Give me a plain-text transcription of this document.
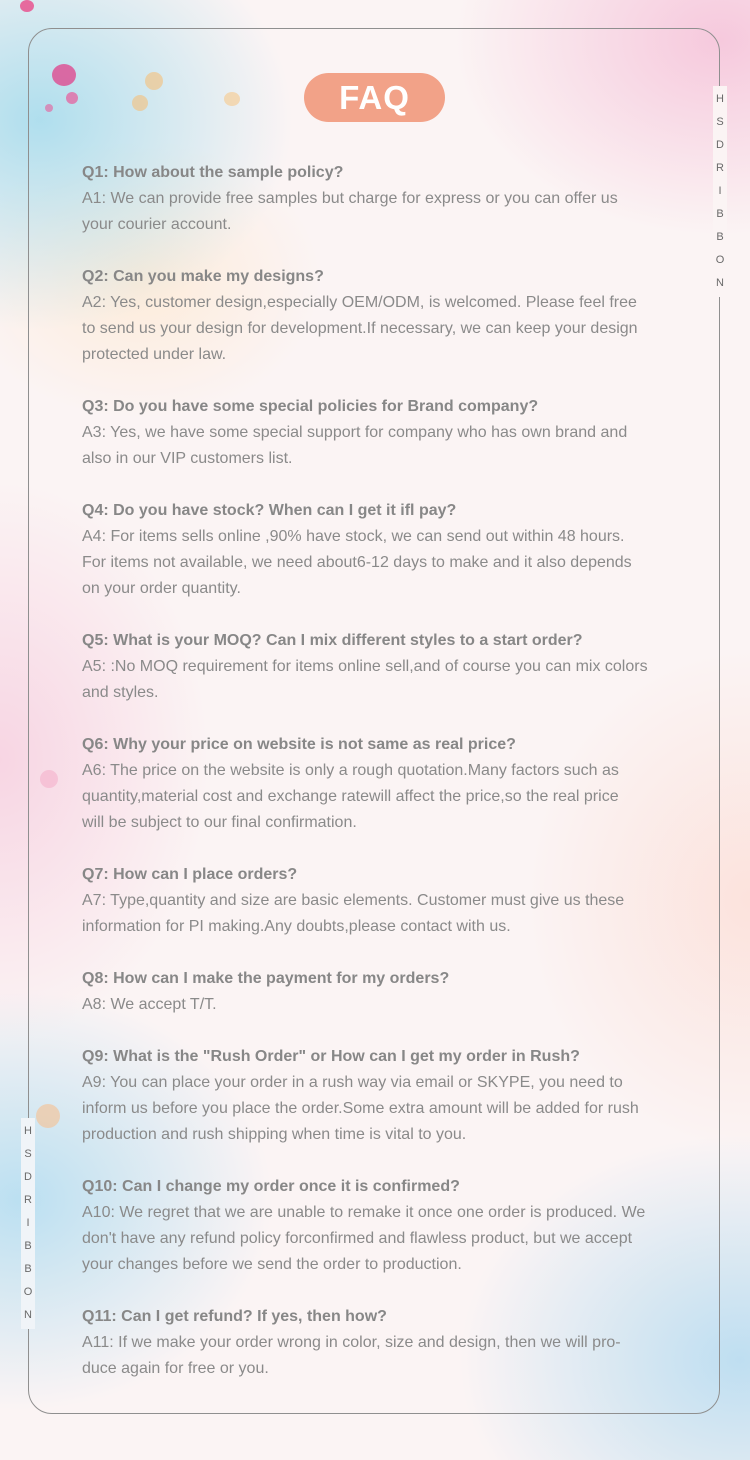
H
S
D
R
I
B
B
O
N
H
S
D
R
I
B
B
O
N
FAQ
Q1: How about the sample policy?
A1: We can provide free samples but charge for express or you can offer us
your courier account.
Q2: Can you make my designs?
A2: Yes, customer design,especially OEM/ODM, is welcomed. Please feel free
to send us your design for development.If necessary, we can keep your design
protected under law.
Q3: Do you have some special policies for Brand company?
A3: Yes, we have some special support for company who has own brand and
also in our VIP customers list.
Q4: Do you have stock? When can I get it ifl pay?
A4: For items sells online ,90% have stock, we can send out within 48 hours.
For items not available, we need about6-12 days to make and it also depends
on your order quantity.
Q5: What is your MOQ? Can I mix different styles to a start order?
A5: :No MOQ requirement for items online sell,and of course you can mix colors
and styles.
Q6: Why your price on website is not same as real price?
A6: The price on the website is only a rough quotation.Many factors such as
quantity,material cost and exchange ratewill affect the price,so the real price
will be subject to our final confirmation.
Q7: How can I place orders?
A7: Type,quantity and size are basic elements. Customer must give us these
information for PI making.Any doubts,please contact with us.
Q8: How can I make the payment for my orders?
A8: We accept T/T.
Q9: What is the "Rush Order" or How can I get my order in Rush?
A9: You can place your order in a rush way via email or SKYPE, you need to
inform us before you place the order.Some extra amount will be added for rush
production and rush shipping when time is vital to you.
Q10: Can I change my order once it is confirmed?
A10: We regret that we are unable to remake it once one order is produced. We
don't have any refund policy forconfirmed and flawless product, but we accept
your changes before we send the order to production.
Q11: Can I get refund? If yes, then how?
A11: If we make your order wrong in color, size and design, then we will pro-
duce again for free or you.
